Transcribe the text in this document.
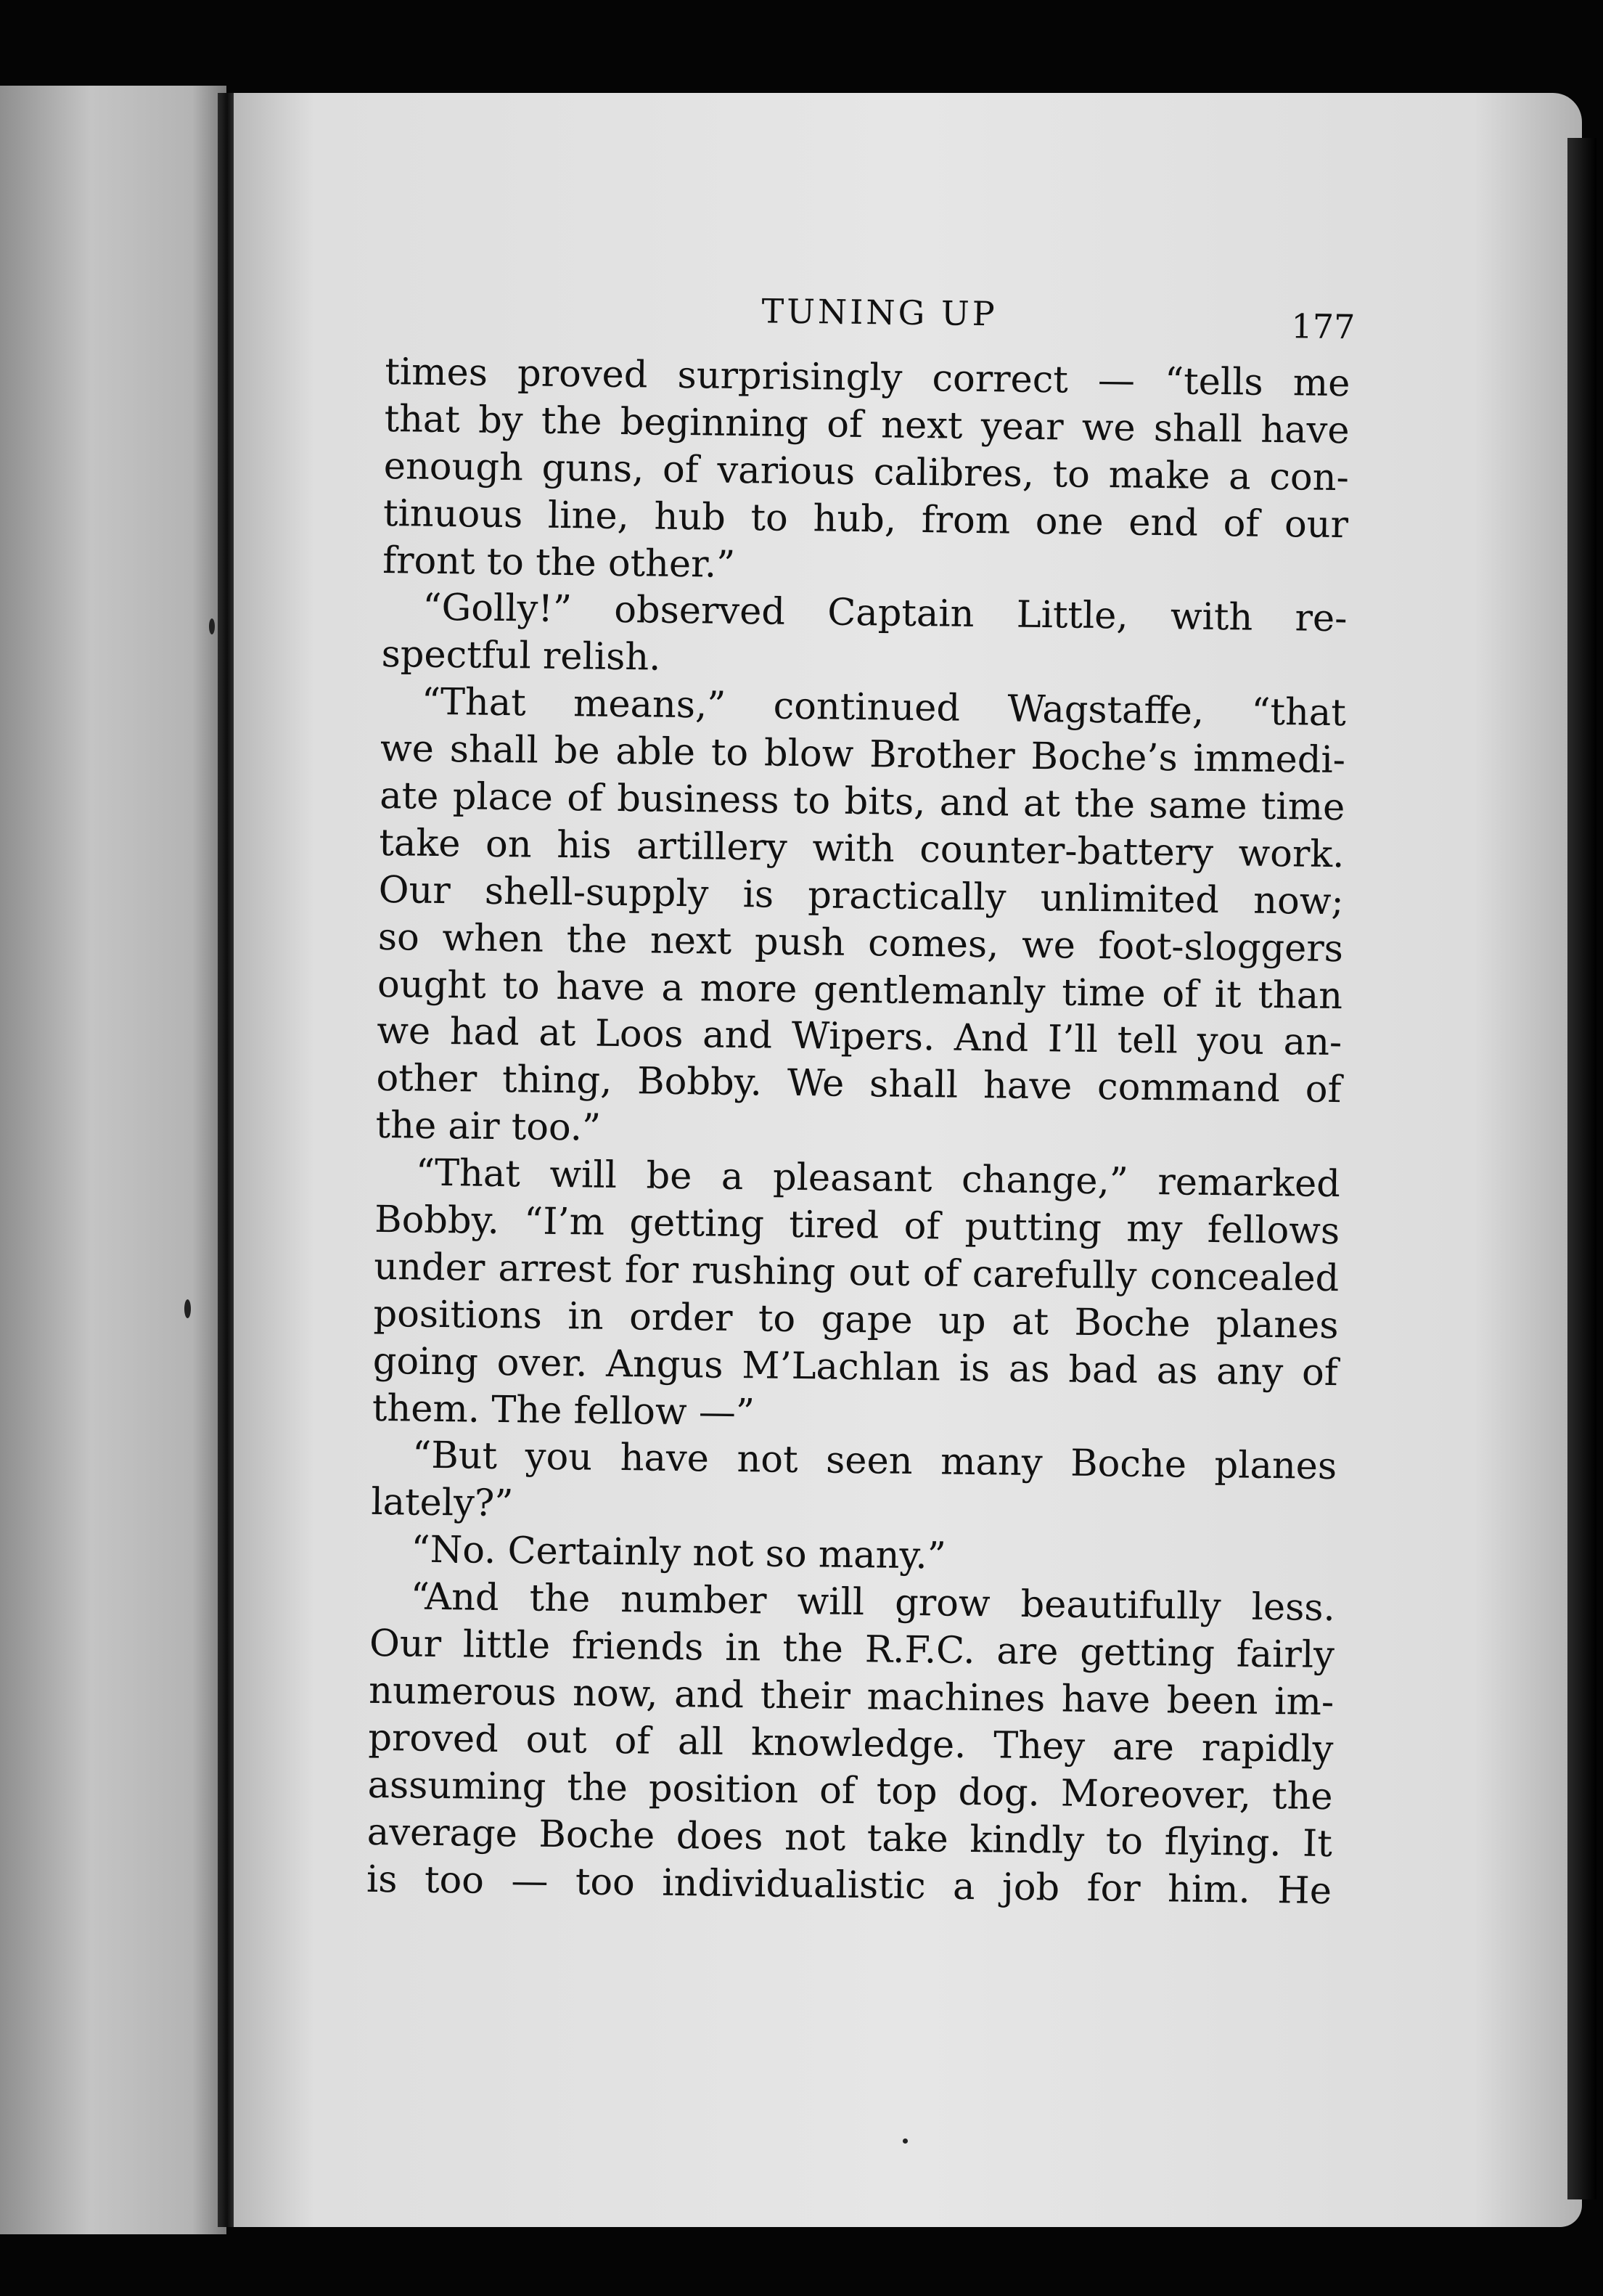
TUNING UP	177
times proved surprisingly correct — “tells me
that by the beginning of next year we shall have
enough guns, of various calibres, to make a con-
tinuous line, hub to hub, from one end of our
front to the other.”
“Golly!” observed Captain Little, with re-
spectful relish.
“That means,” continued Wagstaffe, “that
we shall be able to blow Brother Boche’s immedi-
ate place of business to bits, and at the same time
take on his artillery with counter-battery work.
Our shell-supply is practically unlimited now;
so when the next push comes, we foot-sloggers
ought to have a more gentlemanly time of it than
we had at Loos and Wipers. And I’ll tell you an-
other thing, Bobby. We shall have command of
the air too.”
“That will be a pleasant change,” remarked
Bobby. “I’m getting tired of putting my fellows
under arrest for rushing out of carefully concealed
positions in order to gape up at Boche planes
going over. Angus M’Lachlan is as bad as any of
them. The fellow —”
“But you have not seen many Boche planes
lately?”
“No. Certainly not so many.”
“And the number will grow beautifully less.
Our little friends in the R.F.C. are getting fairly
numerous now, and their machines have been im-
proved out of all knowledge. They are rapidly
assuming the position of top dog. Moreover, the
average Boche does not take kindly to flying. It
is too — too individualistic a job for him. He
